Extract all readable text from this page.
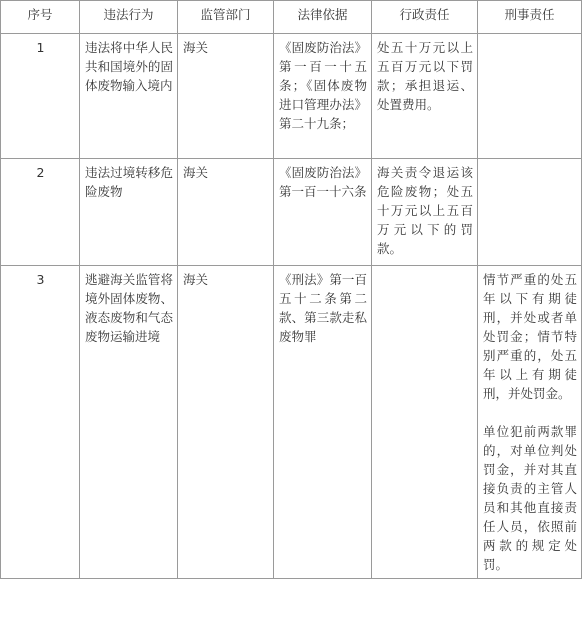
序号	违法行为	监管部门	法律依据	行政责任	刑事责任
1	违法将中华人民共和国境外的固体废物输入境内	海关	《固废防治法》第一百一十五条；《固体废物进口管理办法》第二十九条；	处五十万元以上五百万元以下罚款；承担退运、处置费用。	
2	违法过境转移危险废物	海关	《固废防治法》第一百一十六条	海关责令退运该危险废物；处五十万元以上五百万元以下的罚款。	
3	逃避海关监管将境外固体废物、液态废物和气态废物运输进境	海关	《刑法》第一百五十二条第二款、第三款走私废物罪		情节严重的处五年以下有期徒刑，并处或者单处罚金；情节特别严重的，处五年以上有期徒刑，并处罚金。
单位犯前两款罪的，对单位判处罚金，并对其直接负责的主管人员和其他直接责任人员，依照前两款的规定处罚。
